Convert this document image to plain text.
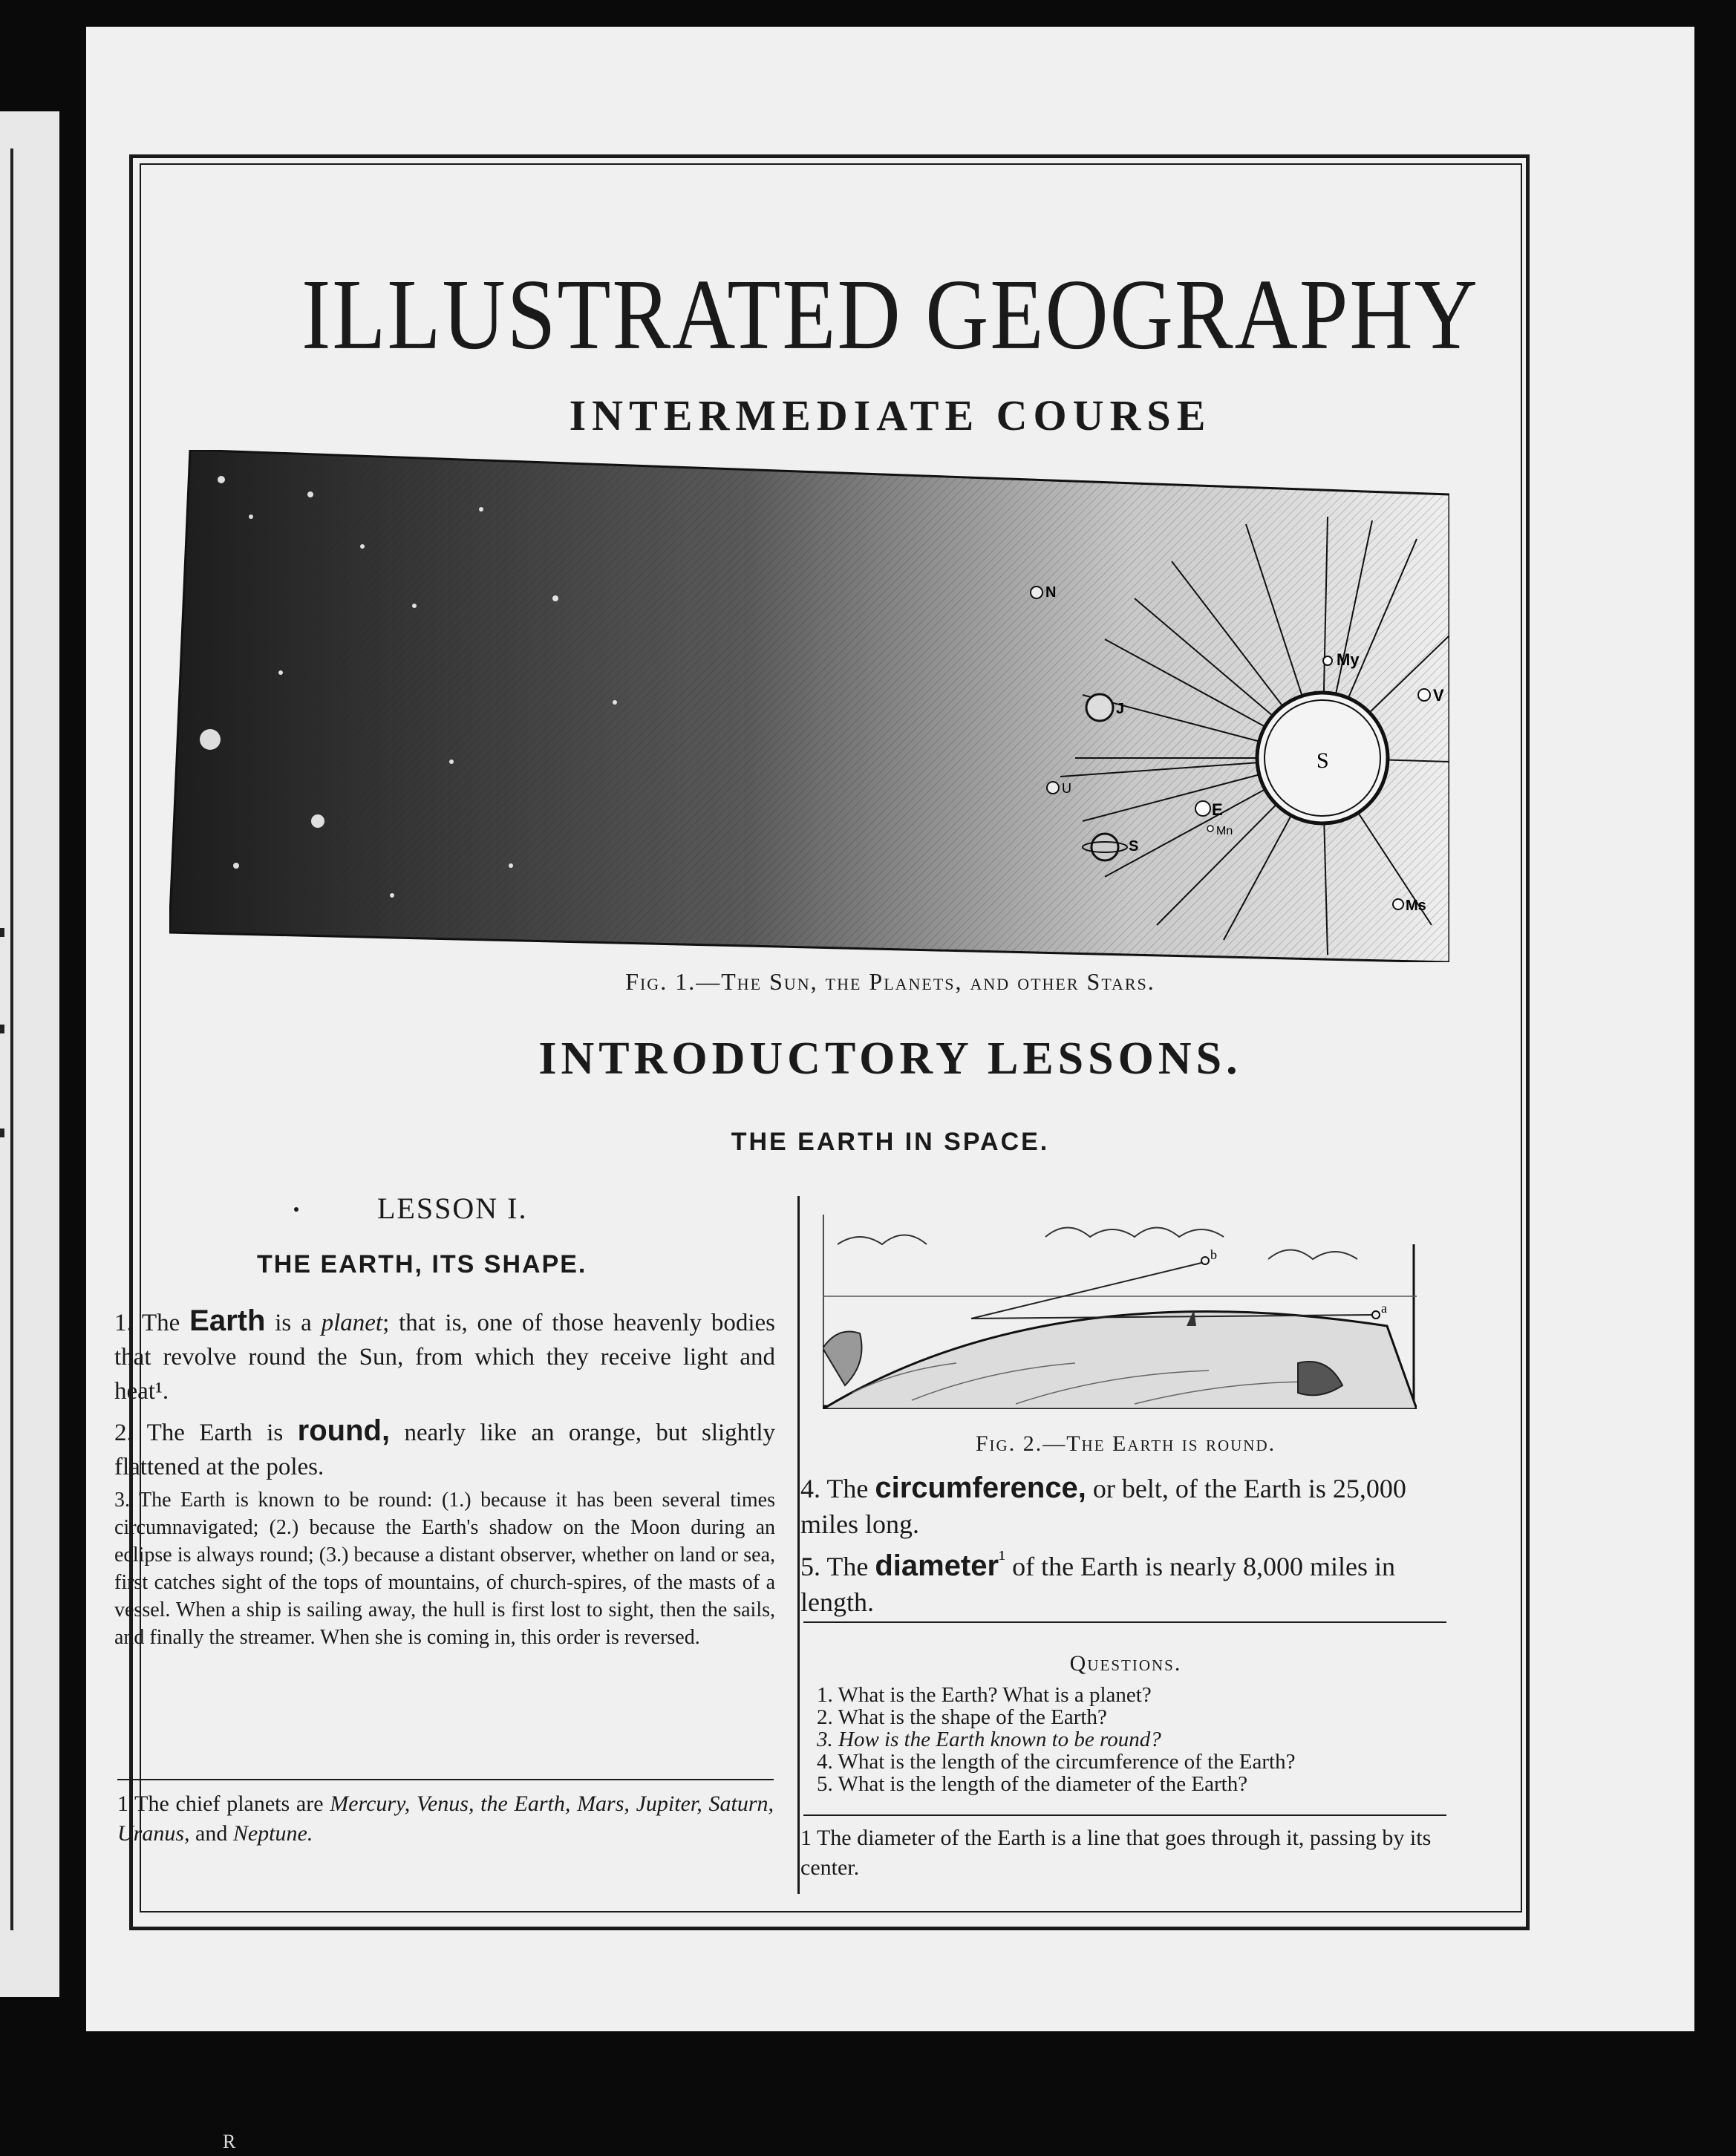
ILLUSTRATED GEOGRAPHY
INTERMEDIATE COURSE
S
My
V
E
Mn
Ms
J
S
N
U
Fig. 1.—The Sun, the Planets, and other Stars.
INTRODUCTORY LESSONS.
THE EARTH IN SPACE.
LESSON I.
THE EARTH, ITS SHAPE.
1. The Earth is a planet; that is, one of those heavenly bodies that revolve round the Sun, from which they receive light and heat¹.
2. The Earth is round, nearly like an orange, but slightly flattened at the poles.
3. The Earth is known to be round: (1.) because it has been several times circumnavigated; (2.) because the Earth's shadow on the Moon during an eclipse is always round; (3.) because a distant observer, whether on land or sea, first catches sight of the tops of mountains, of church-spires, of the masts of a vessel. When a ship is sailing away, the hull is first lost to sight, then the sails, and finally the streamer. When she is coming in, this order is reversed.
1 The chief planets are Mercury, Venus, the Earth, Mars, Jupiter, Saturn, Uranus, and Neptune.
b
a
Fig. 2.—The Earth is round.
4. The circumference, or belt, of the Earth is 25,000 miles long.
5. The diameter$^{^1}$ of the Earth is nearly 8,000 miles in length.
Questions.
1. What is the Earth? What is a planet?
2. What is the shape of the Earth?
3. How is the Earth known to be round?
4. What is the length of the circumference of the Earth?
5. What is the length of the diameter of the Earth?
1 The diameter of the Earth is a line that goes through it, passing by its center.
R
